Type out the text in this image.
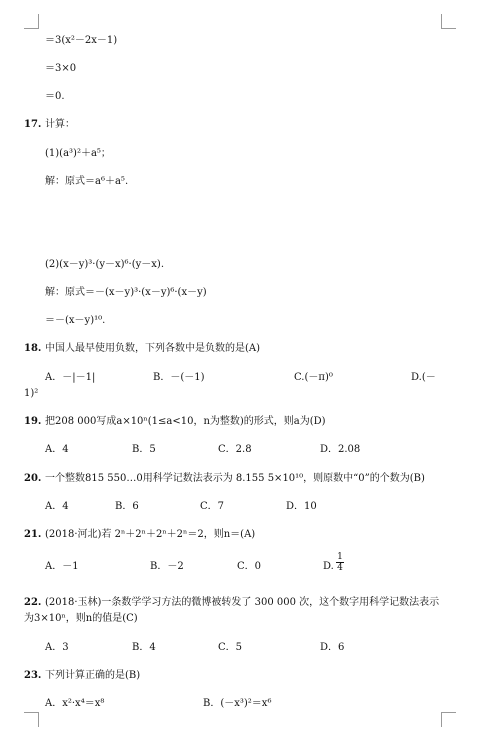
＝3(x²－2x－1)
＝3×0
＝0.
17. 计算：
(1)(a³)²＋a⁵；
解：原式＝a⁶＋a⁵.
(2)(x－y)³·(y－x)⁶·(y－x).
解：原式＝－(x－y)³·(x－y)⁶·(x－y)
＝－(x－y)¹⁰.
18. 中国人最早使用负数，下列各数中是负数的是(A)
A．－|－1|	B．－(－1)	C.(－π)⁰	D.(－
1)²
19. 把208 000写成a×10ⁿ(1≤a<10，n为整数)的形式，则a为(D)
A．4	B．5	C．2.8	D．2.08
20. 一个整数815 550…0用科学记数法表示为 8.155 5×10¹⁰，则原数中“0”的个数为(B)
A．4	B．6	C．7	D．10
21. (2018·河北)若 2ⁿ＋2ⁿ＋2ⁿ＋2ⁿ＝2，则n＝(A)
A．－1	B．－2	C．0	D.
1
4
22. (2018·玉林)一条数学学习方法的微博被转发了 300 000 次，这个数字用科学记数法表示
为3×10ⁿ，则n的值是(C)
A．3	B．4	C．5	D．6
23. 下列计算正确的是(B)
A．x²·x⁴＝x⁸	B．(－x³)²＝x⁶
